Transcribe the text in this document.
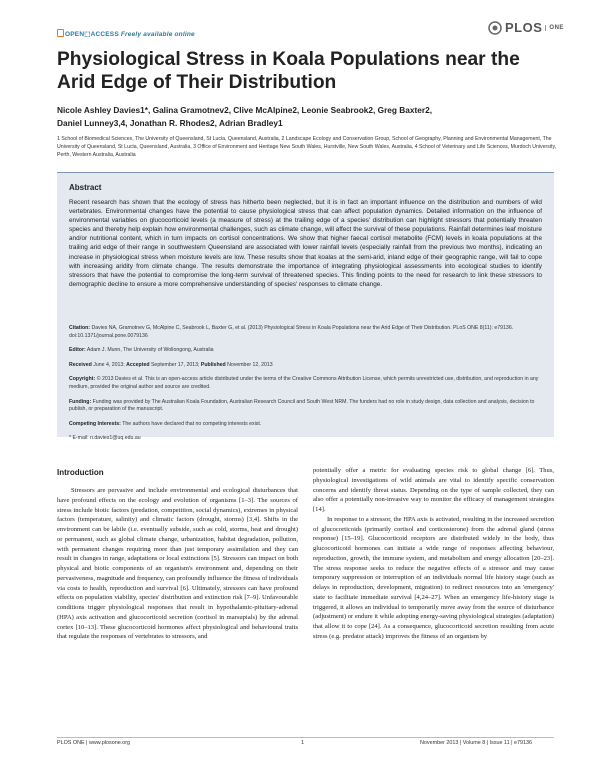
OPEN⬚ACCESS Freely available online	PLOS	ONE
Physiological Stress in Koala Populations near the Arid Edge of Their Distribution
Nicole Ashley Davies1*, Galina Gramotnev2, Clive McAlpine2, Leonie Seabrook2, Greg Baxter2,
Daniel Lunney3,4, Jonathan R. Rhodes2, Adrian Bradley1
1 School of Biomedical Sciences, The University of Queensland, St Lucia, Queensland, Australia, 2 Landscape Ecology and Conservation Group, School of Geography, Planning and Environmental Management, The University of Queensland, St Lucia, Queensland, Australia, 3 Office of Environment and Heritage New South Wales, Hurstville, New South Wales, Australia, 4 School of Veterinary and Life Sciences, Murdoch University, Perth, Western Australia, Australia
Abstract
Recent research has shown that the ecology of stress has hitherto been neglected, but it is in fact an important influence on the distribution and numbers of wild vertebrates. Environmental changes have the potential to cause physiological stress that can affect population dynamics. Detailed information on the influence of environmental variables on glucocorticoid levels (a measure of stress) at the trailing edge of a species' distribution can highlight stressors that potentially threaten species and thereby help explain how environmental challenges, such as climate change, will affect the survival of these populations. Rainfall determines leaf moisture and/or nutritional content, which in turn impacts on cortisol concentrations. We show that higher faecal cortisol metabolite (FCM) levels in koala populations at the trailing arid edge of their range in southwestern Queensland are associated with lower rainfall levels (especially rainfall from the previous two months), indicating an increase in physiological stress when moisture levels are low. These results show that koalas at the semi-arid, inland edge of their geographic range, will fail to cope with increasing aridity from climate change. The results demonstrate the importance of integrating physiological assessments into ecological studies to identify stressors that have the potential to compromise the long-term survival of threatened species. This finding points to the need for research to link these stressors to demographic decline to ensure a more comprehensive understanding of species' responses to climate change.

Citation: Davies NA, Gramotnev G, McAlpine C, Seabrook L, Baxter G, et al. (2013) Physiological Stress in Koala Populations near the Arid Edge of Their Distribution. PLoS ONE 8(11): e79136. doi:10.1371/journal.pone.0079136

Editor: Adam J. Munn, The University of Wollongong, Australia

Received June 4, 2013; Accepted September 17, 2013; Published November 12, 2013

Copyright: © 2013 Davies et al. This is an open-access article distributed under the terms of the Creative Commons Attribution License, which permits unrestricted use, distribution, and reproduction in any medium, provided the original author and source are credited.

Funding: Funding was provided by The Australian Koala Foundation, Australian Research Council and South West NRM. The funders had no role in study design, data collection and analysis, decision to publish, or preparation of the manuscript.

Competing Interests: The authors have declared that no competing interests exist.

* E-mail: n.davies1@uq.edu.au

Introduction
Stressors are pervasive and include environmental and ecological disturbances that have profound effects on the ecology and evolution of organisms [1–3]. The sources of stress include biotic factors (predation, competition, social dynamics), extremes in physical factors (temperature, salinity) and climatic factors (drought, storms) [3,4]. Shifts in the environment can be labile (i.e. eventually subside, such as cold, storms, heat and drought) or permanent, such as global climate change, urbanization, habitat degradation, pollution, with permanent changes requiring more than just temporary assimilation and they can result in changes in range, adaptations or local extinctions [5]. Stressors can impact on both physical and biotic components of an organism's environment and, depending on their pervasiveness, magnitude and frequency, can profoundly influence the fitness of individuals via costs to health, reproduction and survival [6]. Ultimately, stressors can have profound effects on population viability, species' distribution and extinction risk [7–9]. Unfavourable conditions trigger physiological responses that result in hypothalamic-pituitary-adrenal (HPA) axis activation and glucocorticoid secretion (cortisol in marsupials) by the adrenal cortex [10–13]. These glucocorticoid hormones affect physiological and behavioural traits that regulate the responses of vertebrates to stressors, and

potentially offer a metric for evaluating species risk to global change [6]. Thus, physiological investigations of wild animals are vital to identify specific conservation concerns and identify threat status. Depending on the type of sample collected, they can also offer a potentially non-invasive way to monitor the efficacy of management strategies [14].

In response to a stressor, the HPA axis is activated, resulting in the increased secretion of glucocorticoids (primarily cortisol and corticosterone) from the adrenal gland (stress response) [15–19]. Glucocorticoid receptors are distributed widely in the body, thus glucocorticoid hormones can initiate a wide range of responses affecting behaviour, reproduction, growth, the immune system, and metabolism and energy allocation [20–23]. The stress response seeks to reduce the negative effects of a stressor and may cause temporary suppression or interruption of an individuals normal life history stage (such as delays in reproduction, development, migration) to redirect resources into an 'emergency' state to facilitate immediate survival [4,24–27]. When an emergency life-history stage is triggered, it allows an individual to temporarily move away from the source of disturbance (adjustment) or endure it while adopting energy-saving physiological strategies (adaptation) that allow it to cope [24]. As a consequence, glucocorticoid secretion resulting from acute stress (e.g. predator attack) improves the fitness of an organism by

PLOS ONE | www.plosone.org	1	November 2013 | Volume 8 | Issue 11 | e79136
